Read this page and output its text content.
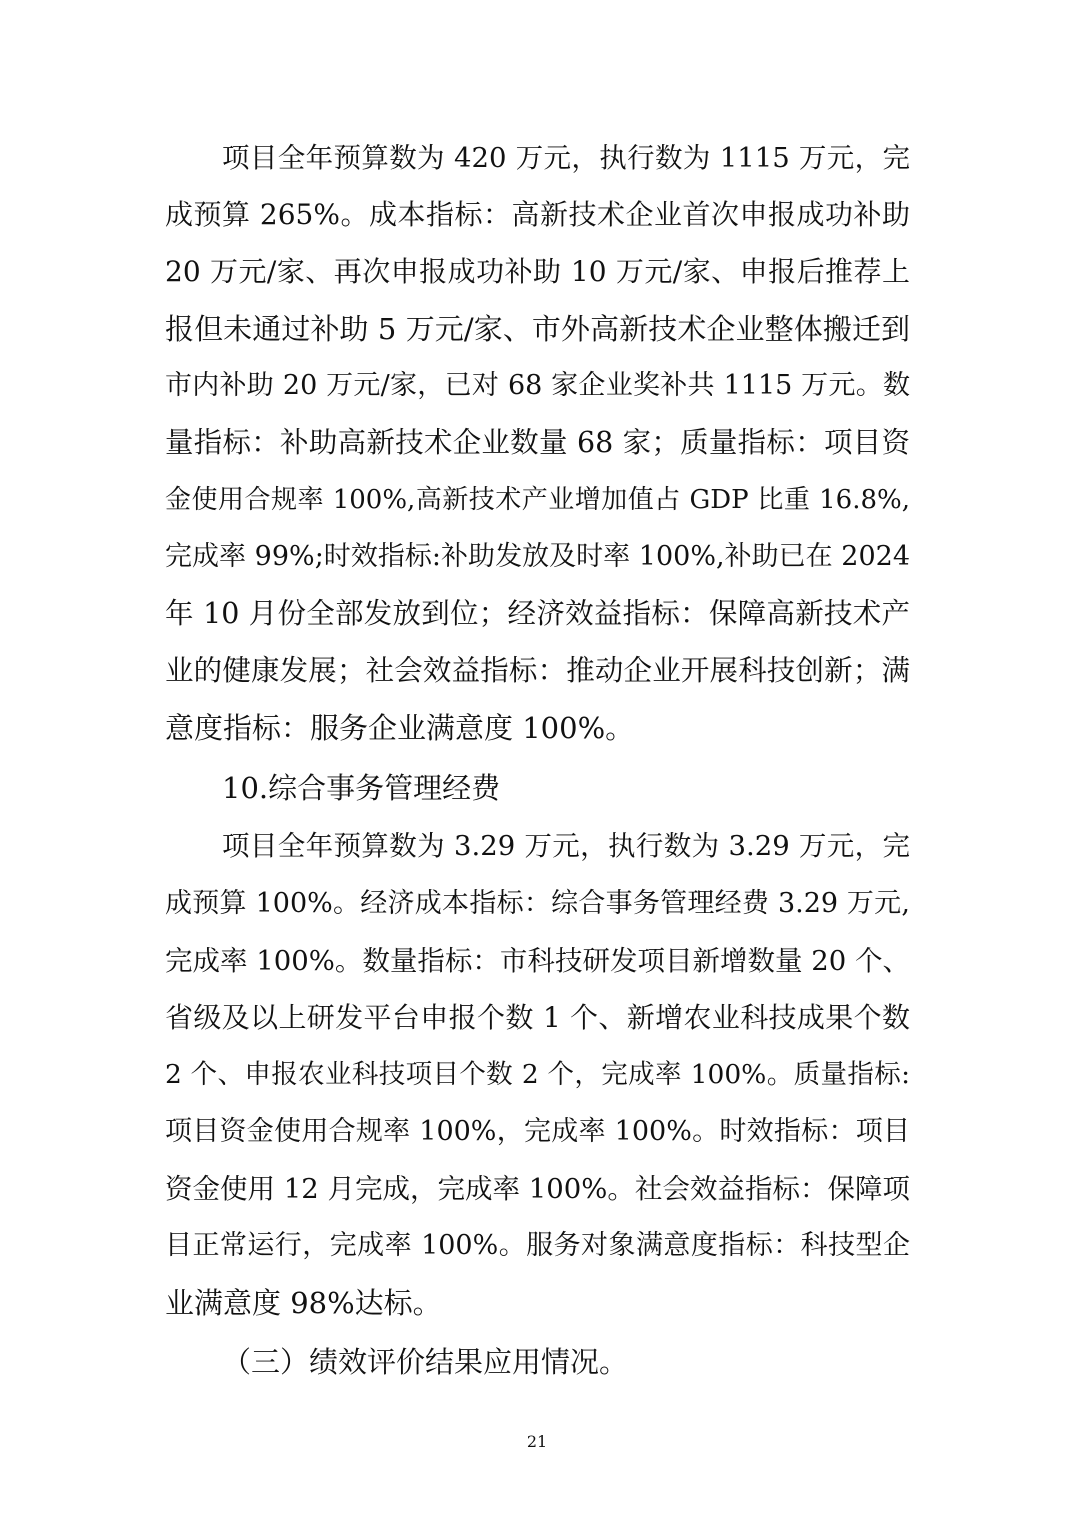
项目全年预算数为 420 万元，执行数为 1115 万元，完
成预算 265%。成本指标：高新技术企业首次申报成功补助
20 万元/家、再次申报成功补助 10 万元/家、申报后推荐上
报但未通过补助 5 万元/家、市外高新技术企业整体搬迁到
市内补助 20 万元/家，已对 68 家企业奖补共 1115 万元。数
量指标：补助高新技术企业数量 68 家；质量指标：项目资
金使用合规率 100%,高新技术产业增加值占 GDP 比重 16.8%,
完成率 99%;时效指标:补助发放及时率 100%,补助已在 2024
年 10 月份全部发放到位；经济效益指标：保障高新技术产
业的健康发展；社会效益指标：推动企业开展科技创新；满
意度指标：服务企业满意度 100%。
10.综合事务管理经费
项目全年预算数为 3.29 万元，执行数为 3.29 万元，完
成预算 100%。经济成本指标：综合事务管理经费 3.29 万元,
完成率 100%。数量指标：市科技研发项目新增数量 20 个、
省级及以上研发平台申报个数 1 个、新增农业科技成果个数
2 个、申报农业科技项目个数 2 个，完成率 100%。质量指标:
项目资金使用合规率 100%，完成率 100%。时效指标：项目
资金使用 12 月完成，完成率 100%。社会效益指标：保障项
目正常运行，完成率 100%。服务对象满意度指标：科技型企
业满意度 98%达标。
（三）绩效评价结果应用情况。
21
